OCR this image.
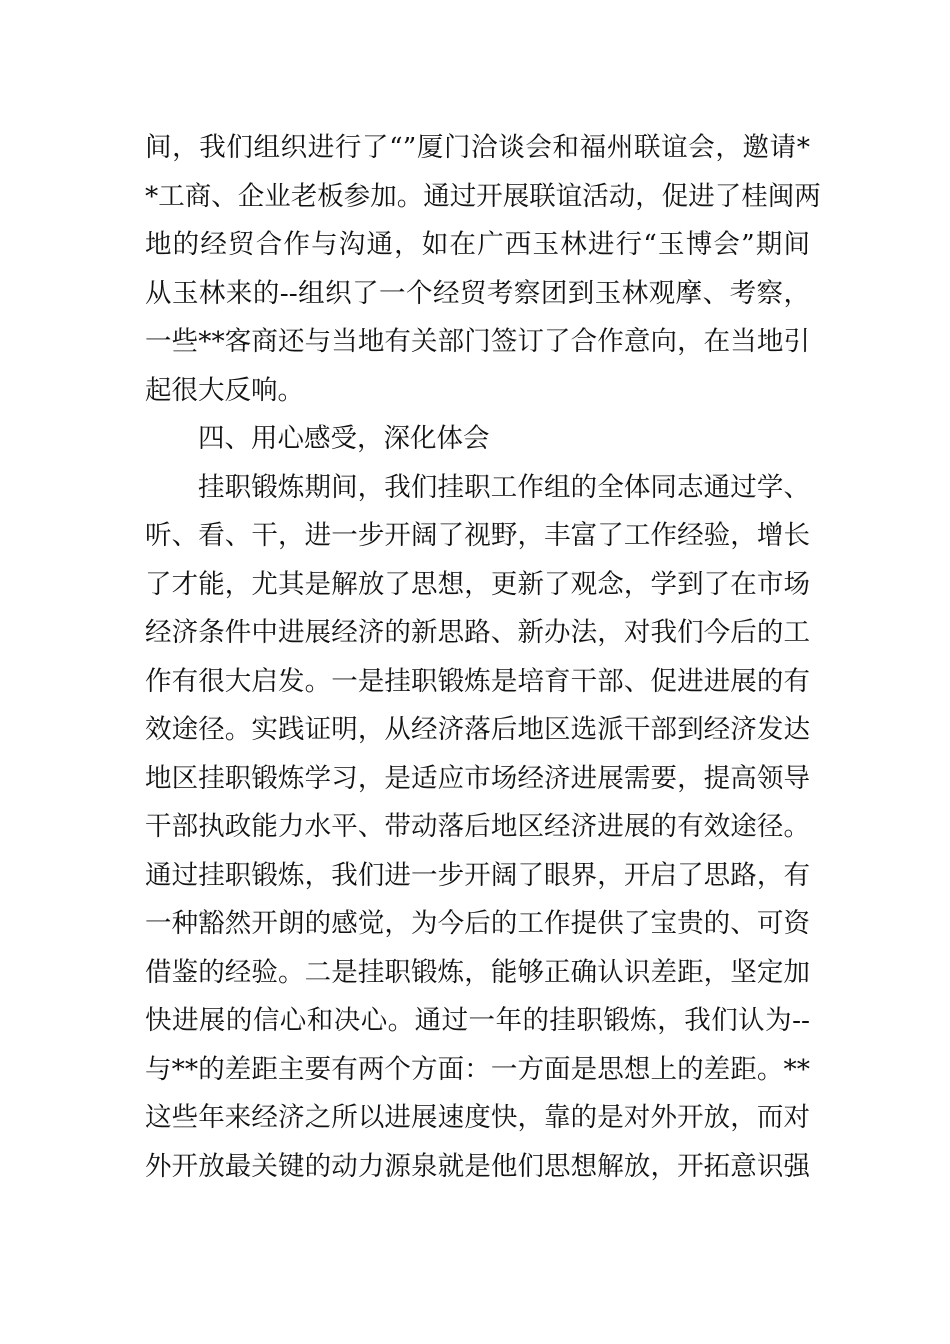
间，我们组织进行了“”厦门洽谈会和福州联谊会，邀请*
*工商、企业老板参加。通过开展联谊活动，促进了桂闽两
地的经贸合作与沟通，如在广西玉林进行“玉博会”期间
从玉林来的--组织了一个经贸考察团到玉林观摩、考察，
一些**客商还与当地有关部门签订了合作意向，在当地引
起很大反响。
四、用心感受，深化体会
挂职锻炼期间，我们挂职工作组的全体同志通过学、
听、看、干，进一步开阔了视野，丰富了工作经验，增长
了才能，尤其是解放了思想，更新了观念，学到了在市场
经济条件中进展经济的新思路、新办法，对我们今后的工
作有很大启发。一是挂职锻炼是培育干部、促进进展的有
效途径。实践证明，从经济落后地区选派干部到经济发达
地区挂职锻炼学习，是适应市场经济进展需要，提高领导
干部执政能力水平、带动落后地区经济进展的有效途径。
通过挂职锻炼，我们进一步开阔了眼界，开启了思路，有
一种豁然开朗的感觉，为今后的工作提供了宝贵的、可资
借鉴的经验。二是挂职锻炼，能够正确认识差距，坚定加
快进展的信心和决心。通过一年的挂职锻炼，我们认为--
与**的差距主要有两个方面：一方面是思想上的差距。**
这些年来经济之所以进展速度快，靠的是对外开放，而对
外开放最关键的动力源泉就是他们思想解放，开拓意识强
